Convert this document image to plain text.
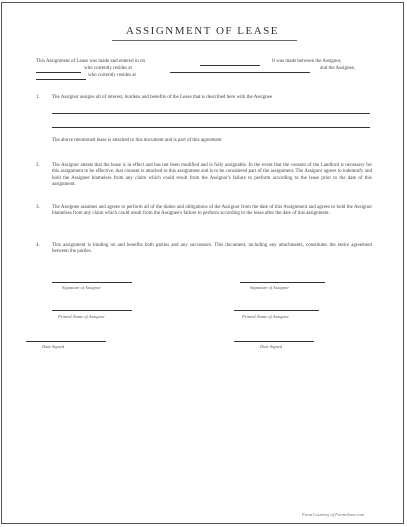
ASSIGNMENT OF LEASE
This Assignment of Lease was made and entered in on	It was made between the Assignor,
who currently resides at	and the Assignee,
who currently resides at
1. The Assignor assigns all of interest, burdens and benefits of the Lease that is described here with the Assignee
The above mentioned lease is attached to this document and is part of this agreement
2. The Assignor attests that the lease is in effect and has not been modified and is fully assignable. In the event that the consent of the Landlord is necessary for this assignment to be effective, that consent is attached to this assignment and is to be considered part of the assignment. The Assignor agrees to indemnify and hold the Assignee blameless from any claim which could result from the Assignor's failure to perform according to the lease prior to the date of this assignment.
3. The Assignee assumes and agrees to perform all of the duties and obligations of the Assignor from the date of this Assignment and agrees to hold the Assignor blameless from any claim which could result from the Assignee's failure to perform according to the lease after the date of this assignment.
4. This assignment is binding on and benefits both parties and any successors. This document, including any attachments, constitutes the entire agreement between the parties.
Signature of Assignor	Signature of Assignee
Printed Name of Assignor	Printed Name of Assignee
Date Signed	Date Signed
Form Courtesy of FormsArea.com
